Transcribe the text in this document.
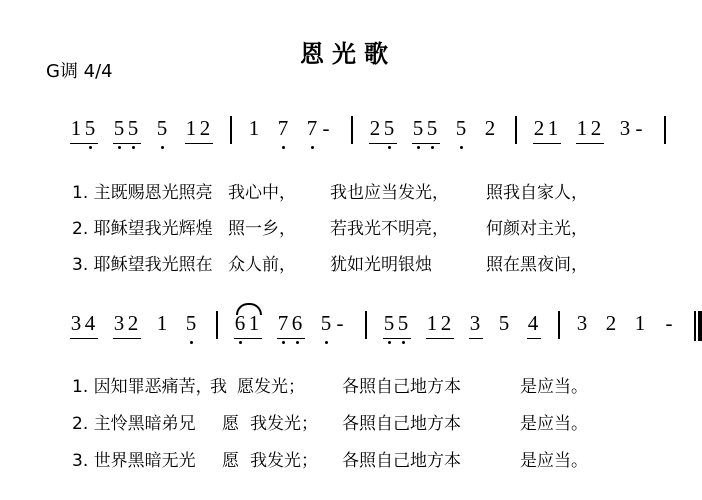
恩光歌
G调 4/4
1 5 5 5 5 1 2 1 7 7 - 2 5 5 5 5 2 2 1 1 2 3 -
3 4 3 2 1 5 6 1 7 6 5 - 5 5 1 2 3 5 4 3 2 1 -
1. 主既赐恩光照亮 我心中， 我也应当发光， 照我自家人，
2. 耶稣望我光辉煌 照一乡， 若我光不明亮， 何颜对主光，
3. 耶稣望我光照在 众人前， 犹如光明银烛	照在黑夜间，
1. 因知罪恶痛苦，
我 愿发光； 各照自己地方本	是应当。
2. 主怜黑暗弟兄 愿 我发光； 各照自己地方本	是应当。
3. 世界黑暗无光 愿 我发光； 各照自己地方本	是应当。
